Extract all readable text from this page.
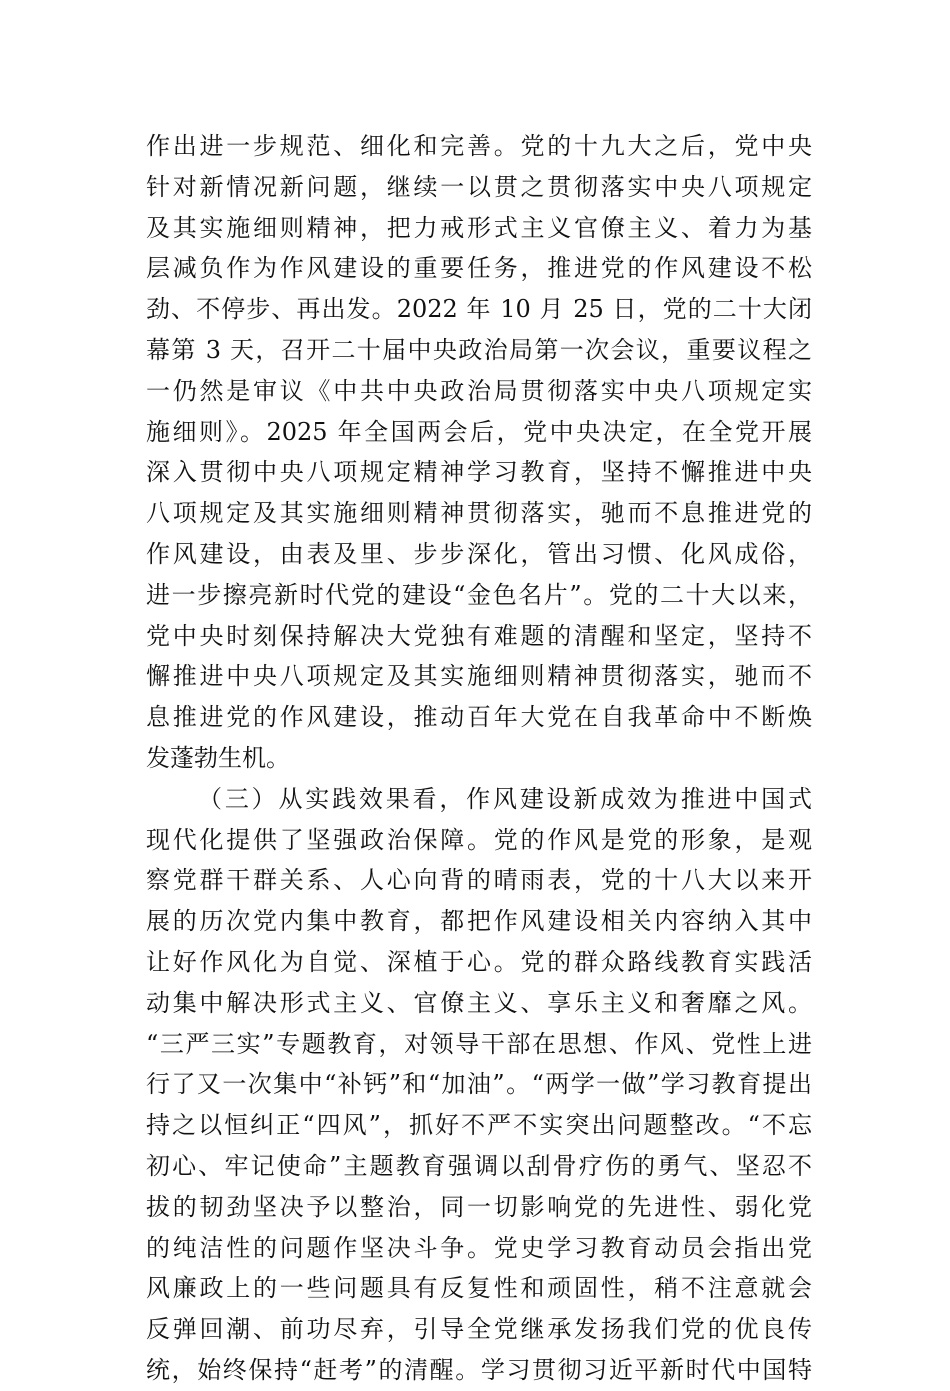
作出进一步规范、细化和完善。党的十九大之后，党中央
针对新情况新问题，继续一以贯之贯彻落实中央八项规定
及其实施细则精神，把力戒形式主义官僚主义、着力为基
层减负作为作风建设的重要任务，推进党的作风建设不松
劲、不停步、再出发。2022 年 10 月 25 日，党的二十大闭
幕第 3 天，召开二十届中央政治局第一次会议，重要议程之
一仍然是审议《中共中央政治局贯彻落实中央八项规定实
施细则》。2025 年全国两会后，党中央决定，在全党开展
深入贯彻中央八项规定精神学习教育，坚持不懈推进中央
八项规定及其实施细则精神贯彻落实，驰而不息推进党的
作风建设，由表及里、步步深化，管出习惯、化风成俗，
进一步擦亮新时代党的建设“金色名片”。党的二十大以来，
党中央时刻保持解决大党独有难题的清醒和坚定，坚持不
懈推进中央八项规定及其实施细则精神贯彻落实，驰而不
息推进党的作风建设，推动百年大党在自我革命中不断焕
发蓬勃生机。
（三）从实践效果看，作风建设新成效为推进中国式
现代化提供了坚强政治保障。党的作风是党的形象，是观
察党群干群关系、人心向背的晴雨表，党的十八大以来开
展的历次党内集中教育，都把作风建设相关内容纳入其中
让好作风化为自觉、深植于心。党的群众路线教育实践活
动集中解决形式主义、官僚主义、享乐主义和奢靡之风。
“三严三实”专题教育，对领导干部在思想、作风、党性上进
行了又一次集中“补钙”和“加油”。“两学一做”学习教育提出
持之以恒纠正“四风”，抓好不严不实突出问题整改。“不忘
初心、牢记使命”主题教育强调以刮骨疗伤的勇气、坚忍不
拔的韧劲坚决予以整治，同一切影响党的先进性、弱化党
的纯洁性的问题作坚决斗争。党史学习教育动员会指出党
风廉政上的一些问题具有反复性和顽固性，稍不注意就会
反弹回潮、前功尽弃，引导全党继承发扬我们党的优良传
统，始终保持“赶考”的清醒。学习贯彻习近平新时代中国特
